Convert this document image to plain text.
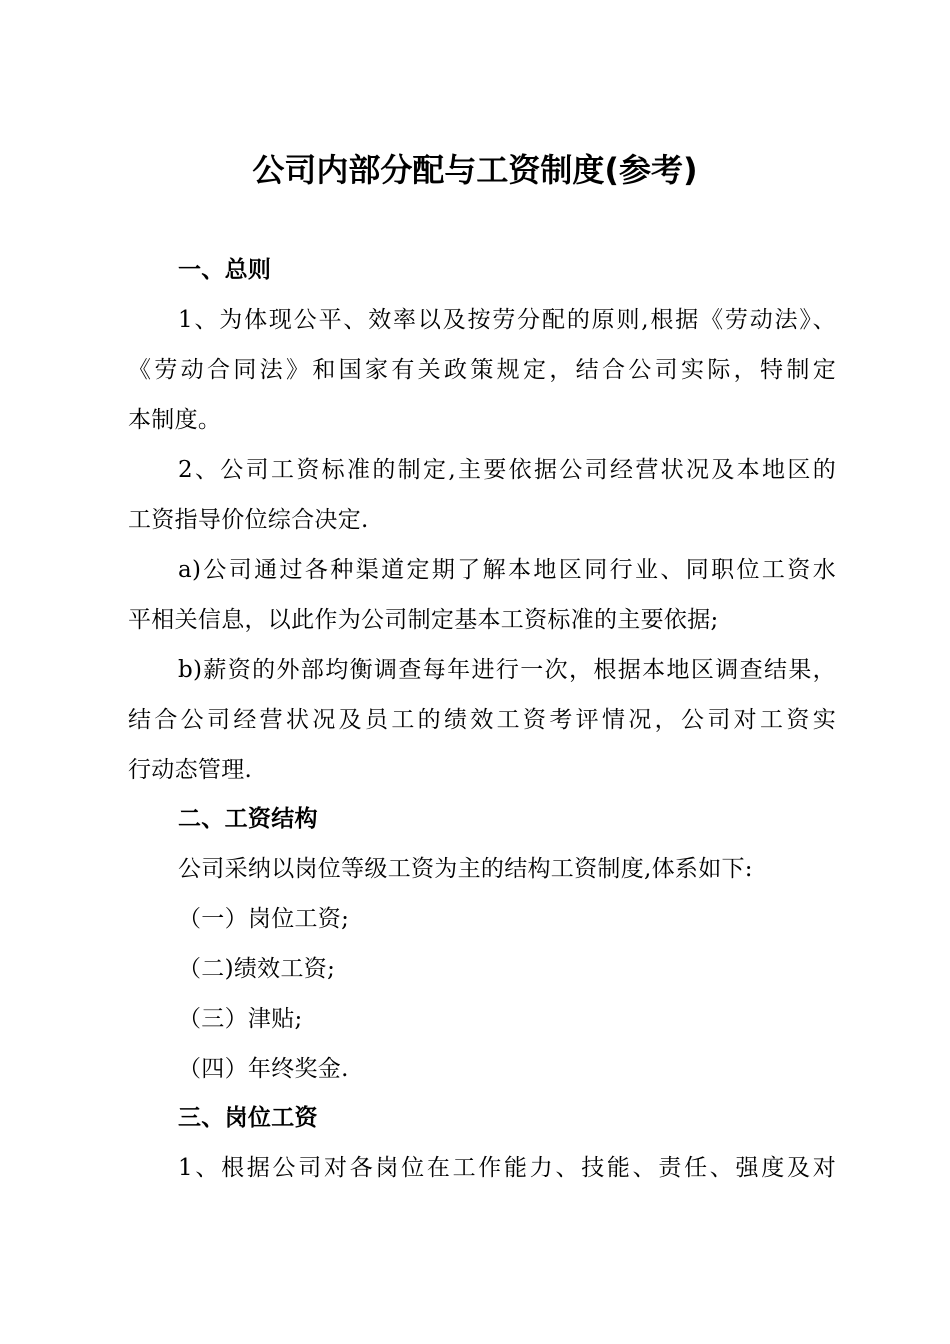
公司内部分配与工资制度(参考)
一、总则
1、为体现公平、效率以及按劳分配的原则,根据《劳动法》、
《劳动合同法》和国家有关政策规定，结合公司实际，特制定
本制度。
2、公司工资标准的制定,主要依据公司经营状况及本地区的
工资指导价位综合决定.
a)公司通过各种渠道定期了解本地区同行业、同职位工资水
平相关信息，以此作为公司制定基本工资标准的主要依据;
b)薪资的外部均衡调查每年进行一次，根据本地区调查结果，
结合公司经营状况及员工的绩效工资考评情况，公司对工资实
行动态管理.
二、工资结构
公司采纳以岗位等级工资为主的结构工资制度,体系如下:
（一）岗位工资;
（二)绩效工资;
（三）津贴;
（四）年终奖金.
三、岗位工资
1、根据公司对各岗位在工作能力、技能、责任、强度及对
